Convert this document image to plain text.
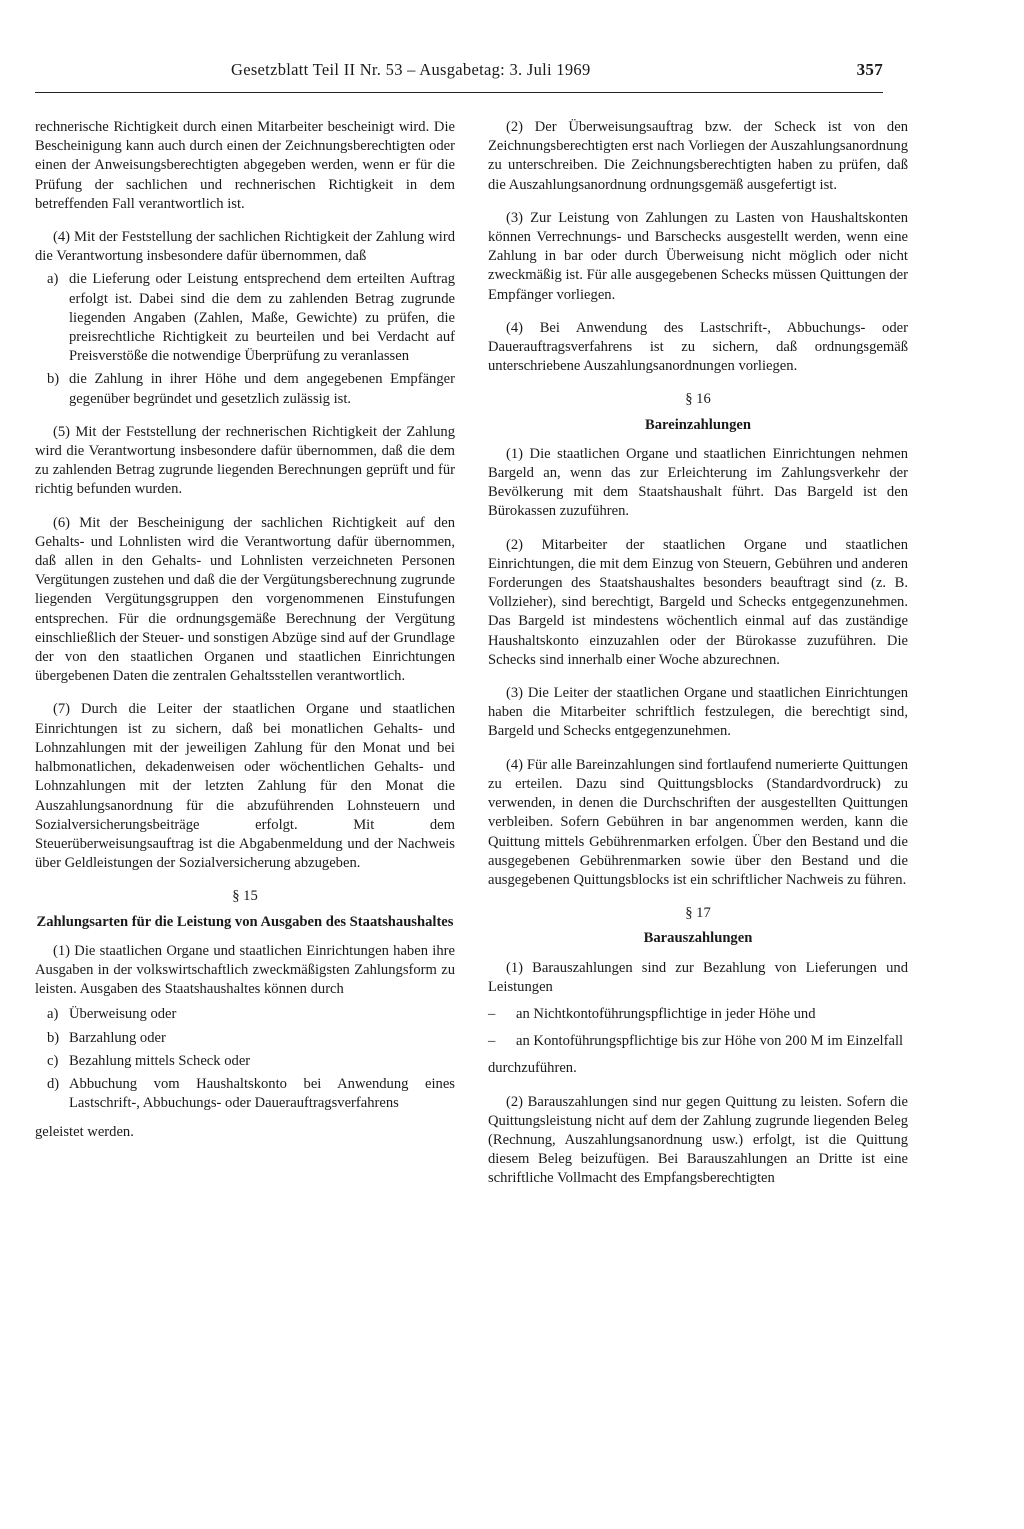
Gesetzblatt Teil II Nr. 53 – Ausgabetag: 3. Juli 1969	357

rechnerische Richtigkeit durch einen Mitarbeiter bescheinigt wird. Die Bescheinigung kann auch durch einen der Zeichnungsberechtigten oder einen der Anweisungsberechtigten abgegeben werden, wenn er für die Prüfung der sachlichen und rechnerischen Richtigkeit in dem betreffenden Fall verantwortlich ist.

(4) Mit der Feststellung der sachlichen Richtigkeit der Zahlung wird die Verantwortung insbesondere dafür übernommen, daß

a) die Lieferung oder Leistung entsprechend dem erteilten Auftrag erfolgt ist. Dabei sind die dem zu zahlenden Betrag zugrunde liegenden Angaben (Zahlen, Maße, Gewichte) zu prüfen, die preisrechtliche Richtigkeit zu beurteilen und bei Verdacht auf Preisverstöße die notwendige Überprüfung zu veranlassen
b) die Zahlung in ihrer Höhe und dem angegebenen Empfänger gegenüber begründet und gesetzlich zulässig ist.

(5) Mit der Feststellung der rechnerischen Richtigkeit der Zahlung wird die Verantwortung insbesondere dafür übernommen, daß die dem zu zahlenden Betrag zugrunde liegenden Berechnungen geprüft und für richtig befunden wurden.

(6) Mit der Bescheinigung der sachlichen Richtigkeit auf den Gehalts- und Lohnlisten wird die Verantwortung dafür übernommen, daß allen in den Gehalts- und Lohnlisten verzeichneten Personen Vergütungen zustehen und daß die der Vergütungsberechnung zugrunde liegenden Vergütungsgruppen den vorgenommenen Einstufungen entsprechen. Für die ordnungsgemäße Berechnung der Vergütung einschließlich der Steuer- und sonstigen Abzüge sind auf der Grundlage der von den staatlichen Organen und staatlichen Einrichtungen übergebenen Daten die zentralen Gehaltsstellen verantwortlich.

(7) Durch die Leiter der staatlichen Organe und staatlichen Einrichtungen ist zu sichern, daß bei monatlichen Gehalts- und Lohnzahlungen mit der jeweiligen Zahlung für den Monat und bei halbmonatlichen, dekadenweisen oder wöchentlichen Gehalts- und Lohnzahlungen mit der letzten Zahlung für den Monat die Auszahlungsanordnung für die abzuführenden Lohnsteuern und Sozialversicherungsbeiträge erfolgt. Mit dem Steuerüberweisungsauftrag ist die Abgabenmeldung und der Nachweis über Geldleistungen der Sozialversicherung abzugeben.

§ 15
Zahlungsarten für die Leistung von Ausgaben des Staatshaushaltes

(1) Die staatlichen Organe und staatlichen Einrichtungen haben ihre Ausgaben in der volkswirtschaftlich zweckmäßigsten Zahlungsform zu leisten. Ausgaben des Staatshaushaltes können durch

a) Überweisung oder
b) Barzahlung oder
c) Bezahlung mittels Scheck oder
d) Abbuchung vom Haushaltskonto bei Anwendung eines Lastschrift-, Abbuchungs- oder Dauerauftragsverfahrens

geleistet werden.

(2) Der Überweisungsauftrag bzw. der Scheck ist von den Zeichnungsberechtigten erst nach Vorliegen der Auszahlungsanordnung zu unterschreiben. Die Zeichnungsberechtigten haben zu prüfen, daß die Auszahlungsanordnung ordnungsgemäß ausgefertigt ist.

(3) Zur Leistung von Zahlungen zu Lasten von Haushaltskonten können Verrechnungs- und Barschecks ausgestellt werden, wenn eine Zahlung in bar oder durch Überweisung nicht möglich oder nicht zweckmäßig ist. Für alle ausgegebenen Schecks müssen Quittungen der Empfänger vorliegen.

(4) Bei Anwendung des Lastschrift-, Abbuchungs- oder Dauerauftragsverfahrens ist zu sichern, daß ordnungsgemäß unterschriebene Auszahlungsanordnungen vorliegen.

§ 16
Bareinzahlungen

(1) Die staatlichen Organe und staatlichen Einrichtungen nehmen Bargeld an, wenn das zur Erleichterung im Zahlungsverkehr der Bevölkerung mit dem Staatshaushalt führt. Das Bargeld ist den Bürokassen zuzuführen.

(2) Mitarbeiter der staatlichen Organe und staatlichen Einrichtungen, die mit dem Einzug von Steuern, Gebühren und anderen Forderungen des Staatshaushaltes besonders beauftragt sind (z. B. Vollzieher), sind berechtigt, Bargeld und Schecks entgegenzunehmen. Das Bargeld ist mindestens wöchentlich einmal auf das zuständige Haushaltskonto einzuzahlen oder der Bürokasse zuzuführen. Die Schecks sind innerhalb einer Woche abzurechnen.

(3) Die Leiter der staatlichen Organe und staatlichen Einrichtungen haben die Mitarbeiter schriftlich festzulegen, die berechtigt sind, Bargeld und Schecks entgegenzunehmen.

(4) Für alle Bareinzahlungen sind fortlaufend numerierte Quittungen zu erteilen. Dazu sind Quittungsblocks (Standardvordruck) zu verwenden, in denen die Durchschriften der ausgestellten Quittungen verbleiben. Sofern Gebühren in bar angenommen werden, kann die Quittung mittels Gebührenmarken erfolgen. Über den Bestand und die ausgegebenen Gebührenmarken sowie über den Bestand und die ausgegebenen Quittungsblocks ist ein schriftlicher Nachweis zu führen.

§ 17
Barauszahlungen

(1) Barauszahlungen sind zur Bezahlung von Lieferungen und Leistungen

–	an Nichtkontoführungspflichtige in jeder Höhe und
–	an Kontoführungspflichtige bis zur Höhe von 200 M im Einzelfall

durchzuführen.

(2) Barauszahlungen sind nur gegen Quittung zu leisten. Sofern die Quittungsleistung nicht auf dem der Zahlung zugrunde liegenden Beleg (Rechnung, Auszahlungsanordnung usw.) erfolgt, ist die Quittung diesem Beleg beizufügen. Bei Barauszahlungen an Dritte ist eine schriftliche Vollmacht des Empfangsberechtigten
